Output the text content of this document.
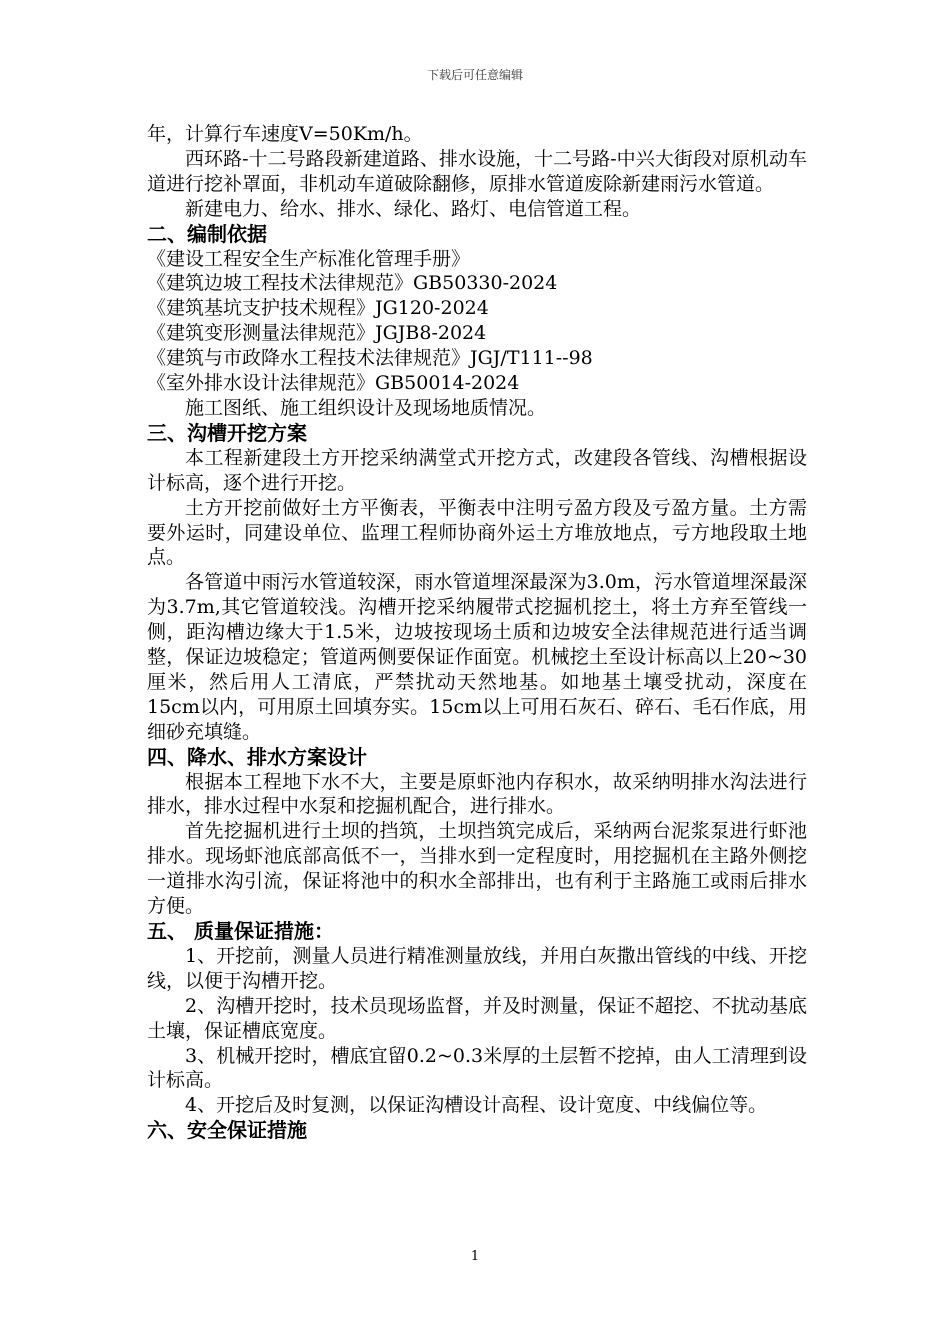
下载后可任意编辑

年，计算行车速度V=50Km/h。

西环路-十二号路段新建道路、排水设施，十二号路-中兴大街段对原机动车道进行挖补罩面，非机动车道破除翻修，原排水管道废除新建雨污水管道。

新建电力、给水、排水、绿化、路灯、电信管道工程。

二、编制依据

《建设工程安全生产标准化管理手册》

《建筑边坡工程技术法律规范》GB50330-2024

《建筑基坑支护技术规程》JG120-2024

《建筑变形测量法律规范》JGJB8-2024

《建筑与市政降水工程技术法律规范》JGJ/T111--98

《室外排水设计法律规范》GB50014-2024

施工图纸、施工组织设计及现场地质情况。

三、沟槽开挖方案

本工程新建段土方开挖采纳满堂式开挖方式，改建段各管线、沟槽根据设计标高，逐个进行开挖。

土方开挖前做好土方平衡表，平衡表中注明亏盈方段及亏盈方量。土方需要外运时，同建设单位、监理工程师协商外运土方堆放地点，亏方地段取土地点。

各管道中雨污水管道较深，雨水管道埋深最深为3.0m，污水管道埋深最深为3.7m,其它管道较浅。沟槽开挖采纳履带式挖掘机挖土，将土方弃至管线一侧，距沟槽边缘大于1.5米，边坡按现场土质和边坡安全法律规范进行适当调整，保证边坡稳定；管道两侧要保证作面宽。机械挖土至设计标高以上20~30厘米，然后用人工清底，严禁扰动天然地基。如地基土壤受扰动，深度在 15cm以内，可用原土回填夯实。15cm以上可用石灰石、碎石、毛石作底，用细砂充填缝。

四、降水、排水方案设计

根据本工程地下水不大，主要是原虾池内存积水，故采纳明排水沟法进行排水，排水过程中水泵和挖掘机配合，进行排水。

首先挖掘机进行土坝的挡筑，土坝挡筑完成后，采纳两台泥浆泵进行虾池排水。现场虾池底部高低不一，当排水到一定程度时，用挖掘机在主路外侧挖一道排水沟引流，保证将池中的积水全部排出，也有利于主路施工或雨后排水方便。

五、 质量保证措施：

1、开挖前，测量人员进行精准测量放线，并用白灰撒出管线的中线、开挖线，以便于沟槽开挖。

2、沟槽开挖时，技术员现场监督，并及时测量，保证不超挖、不扰动基底土壤，保证槽底宽度。

3、机械开挖时，槽底宜留0.2~0.3米厚的土层暂不挖掉，由人工清理到设计标高。

4、开挖后及时复测，以保证沟槽设计高程、设计宽度、中线偏位等。

六、安全保证措施

1
